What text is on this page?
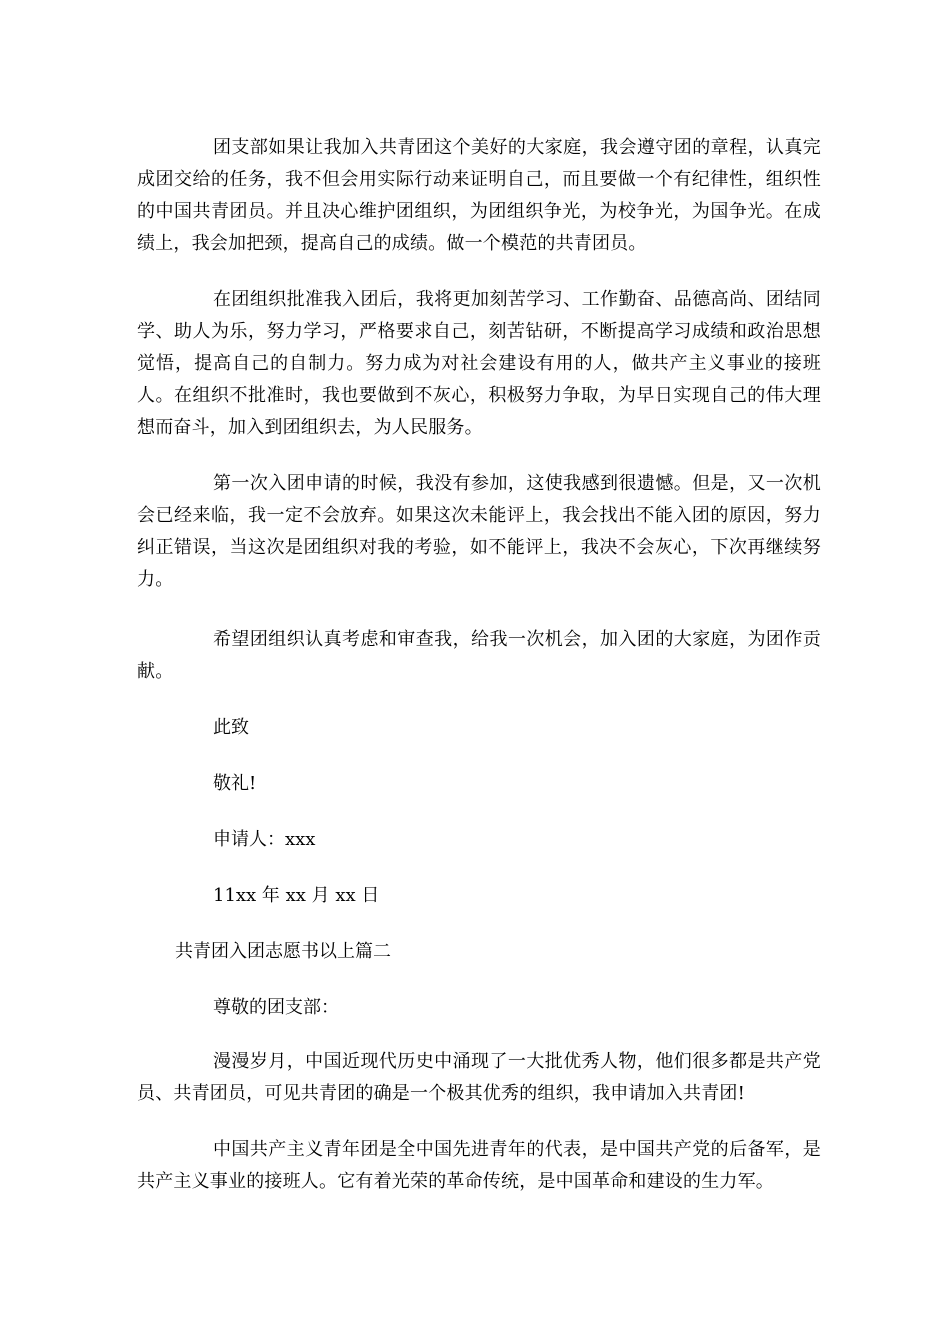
团支部如果让我加入共青团这个美好的大家庭，我会遵守团的章程，认真完成团交给的任务，我不但会用实际行动来证明自己，而且要做一个有纪律性，组织性的中国共青团员。并且决心维护团组织，为团组织争光，为校争光，为国争光。在成绩上，我会加把颈，提高自己的成绩。做一个模范的共青团员。

在团组织批准我入团后，我将更加刻苦学习、工作勤奋、品德高尚、团结同学、助人为乐，努力学习，严格要求自己，刻苦钻研，不断提高学习成绩和政治思想觉悟，提高自己的自制力。努力成为对社会建设有用的人，做共产主义事业的接班人。在组织不批准时，我也要做到不灰心，积极努力争取，为早日实现自己的伟大理想而奋斗，加入到团组织去，为人民服务。

第一次入团申请的时候，我没有参加，这使我感到很遗憾。但是，又一次机会已经来临，我一定不会放弃。如果这次未能评上，我会找出不能入团的原因，努力纠正错误，当这次是团组织对我的考验，如不能评上，我决不会灰心，下次再继续努力。

希望团组织认真考虑和审查我，给我一次机会，加入团的大家庭，为团作贡献。

此致

敬礼!

申请人：xxx

11xx 年 xx 月 xx 日

共青团入团志愿书以上篇二

尊敬的团支部：

漫漫岁月，中国近现代历史中涌现了一大批优秀人物，他们很多都是共产党员、共青团员，可见共青团的确是一个极其优秀的组织，我申请加入共青团!

中国共产主义青年团是全中国先进青年的代表，是中国共产党的后备军，是共产主义事业的接班人。它有着光荣的革命传统，是中国革命和建设的生力军。
